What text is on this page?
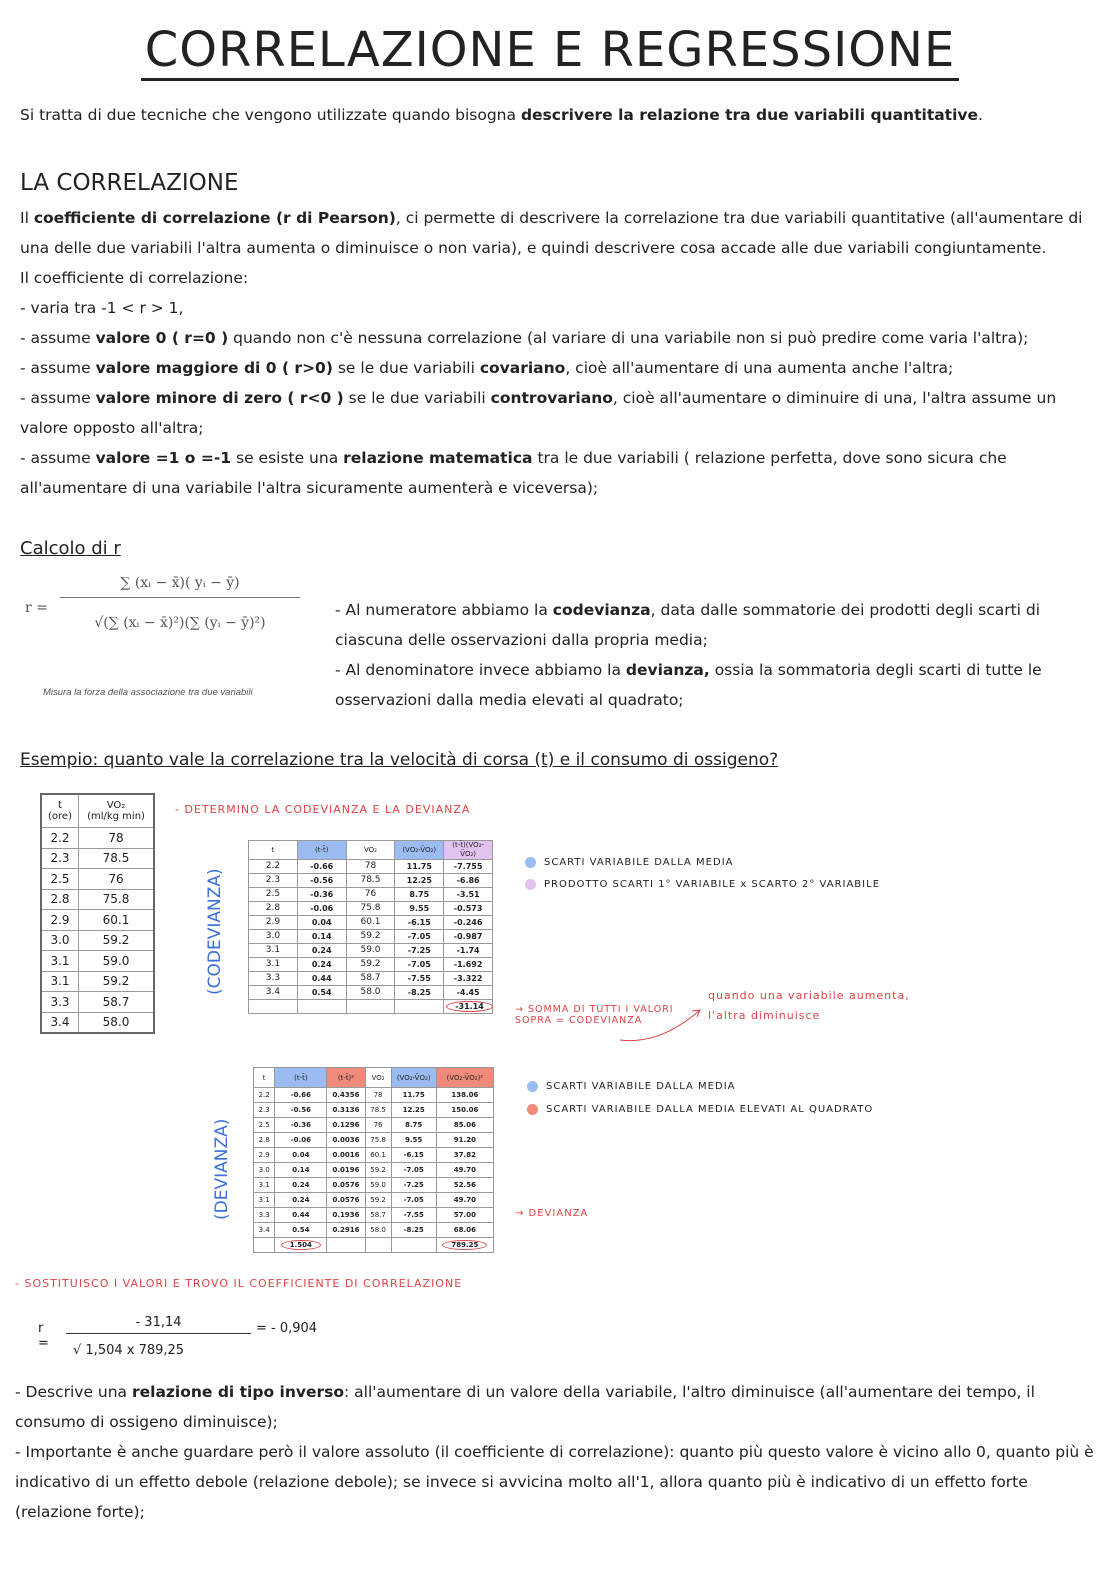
CORRELAZIONE E REGRESSIONE
Si tratta di due tecniche che vengono utilizzate quando bisogna descrivere la relazione tra due variabili quantitative.
LA CORRELAZIONE
Il coefficiente di correlazione (r di Pearson), ci permette di descrivere la correlazione tra due variabili quantitative (all'aumentare di una delle due variabili l'altra aumenta o diminuisce o non varia), e quindi descrivere cosa accade alle due variabili congiuntamente.
Il coefficiente di correlazione:
- varia tra -1 < r > 1,
- assume valore 0 ( r=0 ) quando non c'è nessuna correlazione (al variare di una variabile non si può predire come varia l'altra);
- assume valore maggiore di 0 ( r>0) se le due variabili covariano, cioè all'aumentare di una aumenta anche l'altra;
- assume valore minore di zero ( r<0 ) se le due variabili controvariano, cioè all'aumentare o diminuire di una, l'altra assume un valore opposto all'altra;
- assume valore =1 o =-1 se esiste una relazione matematica tra le due variabili ( relazione perfetta, dove sono sicura che all'aumentare di una variabile l'altra sicuramente aumenterà e viceversa);
Calcolo di r
r =
∑ (xᵢ − x̄)( yᵢ − ȳ)
√(∑ (xᵢ − x̄)²)(∑ (yᵢ − ȳ)²)
Misura la forza della associazione tra due variabili
- Al numeratore abbiamo la codevianza, data dalle sommatorie dei prodotti degli scarti di ciascuna delle osservazioni dalla propria media;
- Al denominatore invece abbiamo la devianza, ossia la sommatoria degli scarti di tutte le osservazioni dalla media elevati al quadrato;
Esempio: quanto vale la correlazione tra la velocità di corsa (t) e il consumo di ossigeno?
t
(ore)	VO₂
(ml/kg min)
2.2	78
2.3	78.5
2.5	76
2.8	75.8
2.9	60.1
3.0	59.2
3.1	59.0
3.1	59.2
3.3	58.7
3.4	58.0
- DETERMINO LA CODEVIANZA E LA DEVIANZA
(CODEVIANZA)
t	(t-t̄)	VO₂	(VO₂-V̄O₂)	(t-t̄)(VO₂-V̄O₂)
2.2	-0.66	78	11.75	-7.755
2.3	-0.56	78.5	12.25	-6.86
2.5	-0.36	76	8.75	-3.51
2.8	-0.06	75.8	9.55	-0.573
2.9	0.04	60.1	-6.15	-0.246
3.0	0.14	59.2	-7.05	-0.987
3.1	0.24	59.0	-7.25	-1.74
3.1	0.24	59.2	-7.05	-1.692
3.3	0.44	58.7	-7.55	-3.322
3.4	0.54	58.0	-8.25	-4.45
				-31.14
SCARTI VARIABILE DALLA MEDIA
PRODOTTO SCARTI 1° VARIABILE x SCARTO 2° VARIABILE
→ SOMMA DI TUTTI I VALORI SOPRA = CODEVIANZA
quando una variabile aumenta, l'altra diminuisce
(DEVIANZA)
t	(t-t̄)	(t-t̄)²	VO₂	(VO₂-V̄O₂)	(VO₂-V̄O₂)²
2.2	-0.66	0.4356	78	11.75	138.06
2.3	-0.56	0.3136	78.5	12.25	150.06
2.5	-0.36	0.1296	76	8.75	85.06
2.8	-0.06	0.0036	75.8	9.55	91.20
2.9	0.04	0.0016	60.1	-6.15	37.82
3.0	0.14	0.0196	59.2	-7.05	49.70
3.1	0.24	0.0576	59.0	-7.25	52.56
3.1	0.24	0.0576	59.2	-7.05	49.70
3.3	0.44	0.1936	58.7	-7.55	57.00
3.4	0.54	0.2916	58.0	-8.25	68.06
	1.504				789.25
SCARTI VARIABILE DALLA MEDIA
SCARTI VARIABILE DALLA MEDIA ELEVATI AL QUADRATO
→ DEVIANZA
- SOSTITUISCO I VALORI E TROVO IL COEFFICIENTE DI CORRELAZIONE
r =
- 31,14
√ 1,504 x 789,25
= - 0,904
- Descrive una relazione di tipo inverso: all'aumentare di un valore della variabile, l'altro diminuisce (all'aumentare dei tempo, il consumo di ossigeno diminuisce);
- Importante è anche guardare però il valore assoluto (il coefficiente di correlazione): quanto più questo valore è vicino allo 0, quanto più è indicativo di un effetto debole (relazione debole); se invece si avvicina molto all'1, allora quanto più è indicativo di un effetto forte (relazione forte);
